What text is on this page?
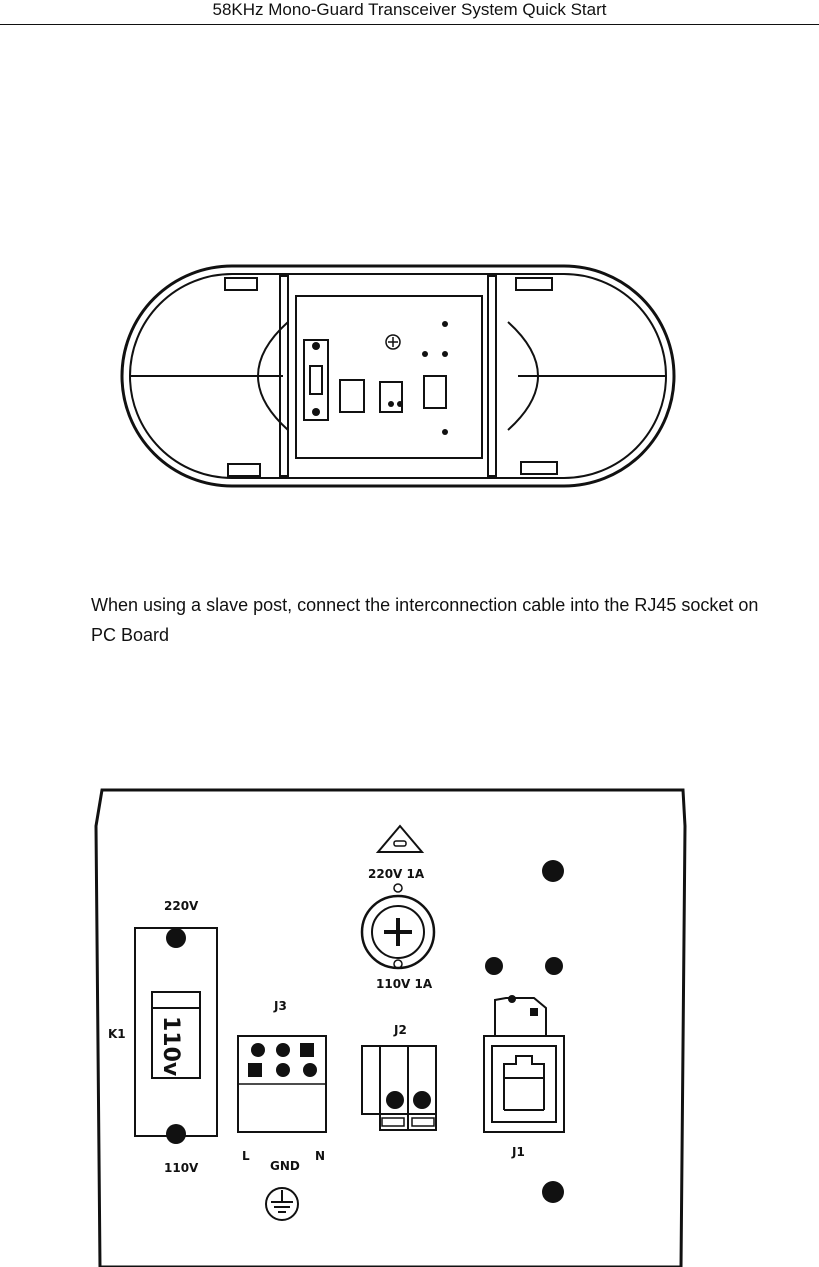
58KHz Mono-Guard Transceiver System Quick Start
When using a slave post, connect the interconnection cable into the RJ45 socket on PC Board
220V 1A
110V 1A
220V
K1 110v
110V
J3
L	N
GND
J2
J1
